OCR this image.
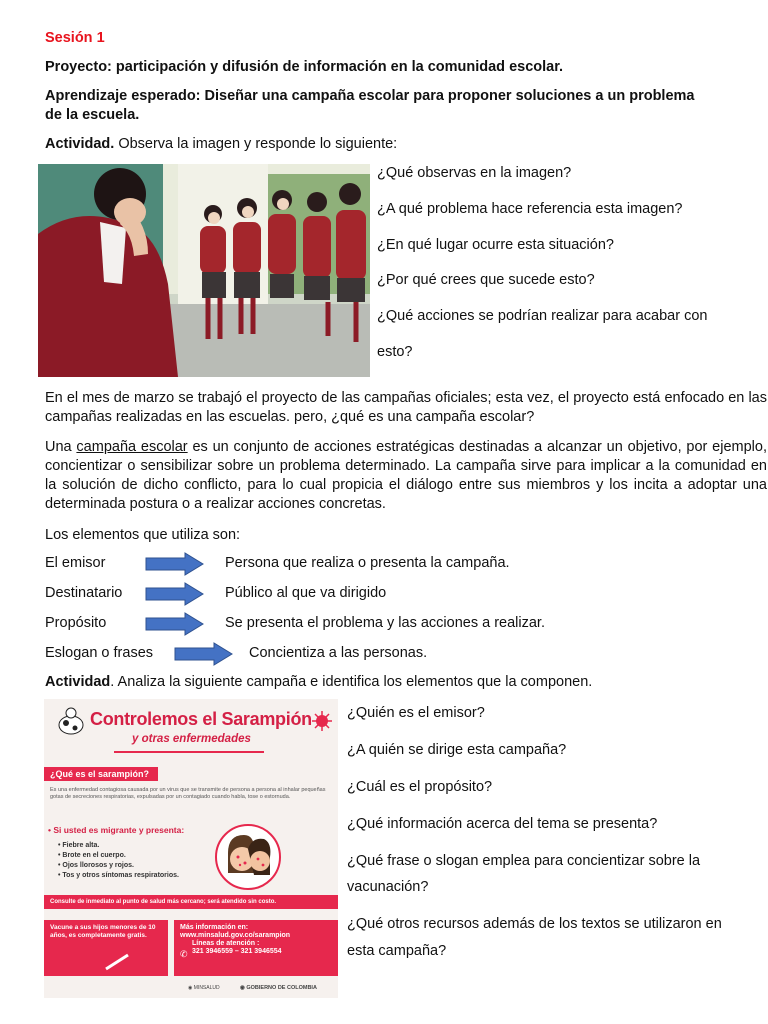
Sesión 1
Proyecto: participación y difusión de información en la comunidad escolar.
Aprendizaje esperado: Diseñar una campaña escolar para proponer soluciones a un problema
de la escuela.
Actividad. Observa la imagen y responde lo siguiente:
¿Qué observas en la imagen?
¿A qué problema hace referencia esta imagen?
¿En qué lugar ocurre esta situación?
¿Por qué crees que sucede esto?
¿Qué acciones se podrían realizar para acabar con
esto?
En el mes de marzo se trabajó el proyecto de las campañas oficiales; esta vez, el proyecto está enfocado en las campañas realizadas en las escuelas. pero, ¿qué es una campaña escolar?
Una campaña escolar es un conjunto de acciones estratégicas destinadas a alcanzar un objetivo, por ejemplo, concientizar o sensibilizar sobre un problema determinado. La campaña sirve para implicar a la comunidad en la solución de dicho conflicto, para lo cual propicia el diálogo entre sus miembros y los incita a adoptar una determinada postura o a realizar acciones concretas.
Los elementos que utiliza son:
El emisor	Persona que realiza o presenta la campaña.
Destinatario	Público al que va dirigido
Propósito	Se presenta el problema y las acciones a realizar.
Eslogan o frases	Concientiza a las personas.
Actividad. Analiza la siguiente campaña e identifica los elementos que la componen.
Controlemos el Sarampión
y otras enfermedades
¿Qué es el sarampión?
Es una enfermedad contagiosa causada por un virus que se transmite de persona a persona al inhalar pequeñas gotas de secreciones respiratorias, expulsadas por un contagiado cuando habla, tose o estornuda.
• Si usted es migrante y presenta:
• Fiebre alta.
• Brote en el cuerpo.
• Ojos llorosos y rojos.
• Tos y otros síntomas respiratorios.
Consulte de inmediato al punto de salud más cercano; será atendido sin costo.
Vacune a sus hijos menores de 10 años, es completamente gratis.
Más información en:
www.minsalud.gov.co/sarampion
Líneas de atención :
321 3946559 – 321 3946554
✆
◉ MINSALUD	◉ GOBIERNO DE COLOMBIA
¿Quién es el emisor?
¿A quién se dirige esta campaña?
¿Cuál es el propósito?
¿Qué información acerca del tema se presenta?
¿Qué frase o slogan emplea para concientizar sobre la
vacunación?
¿Qué otros recursos además de los textos se utilizaron en
esta campaña?
